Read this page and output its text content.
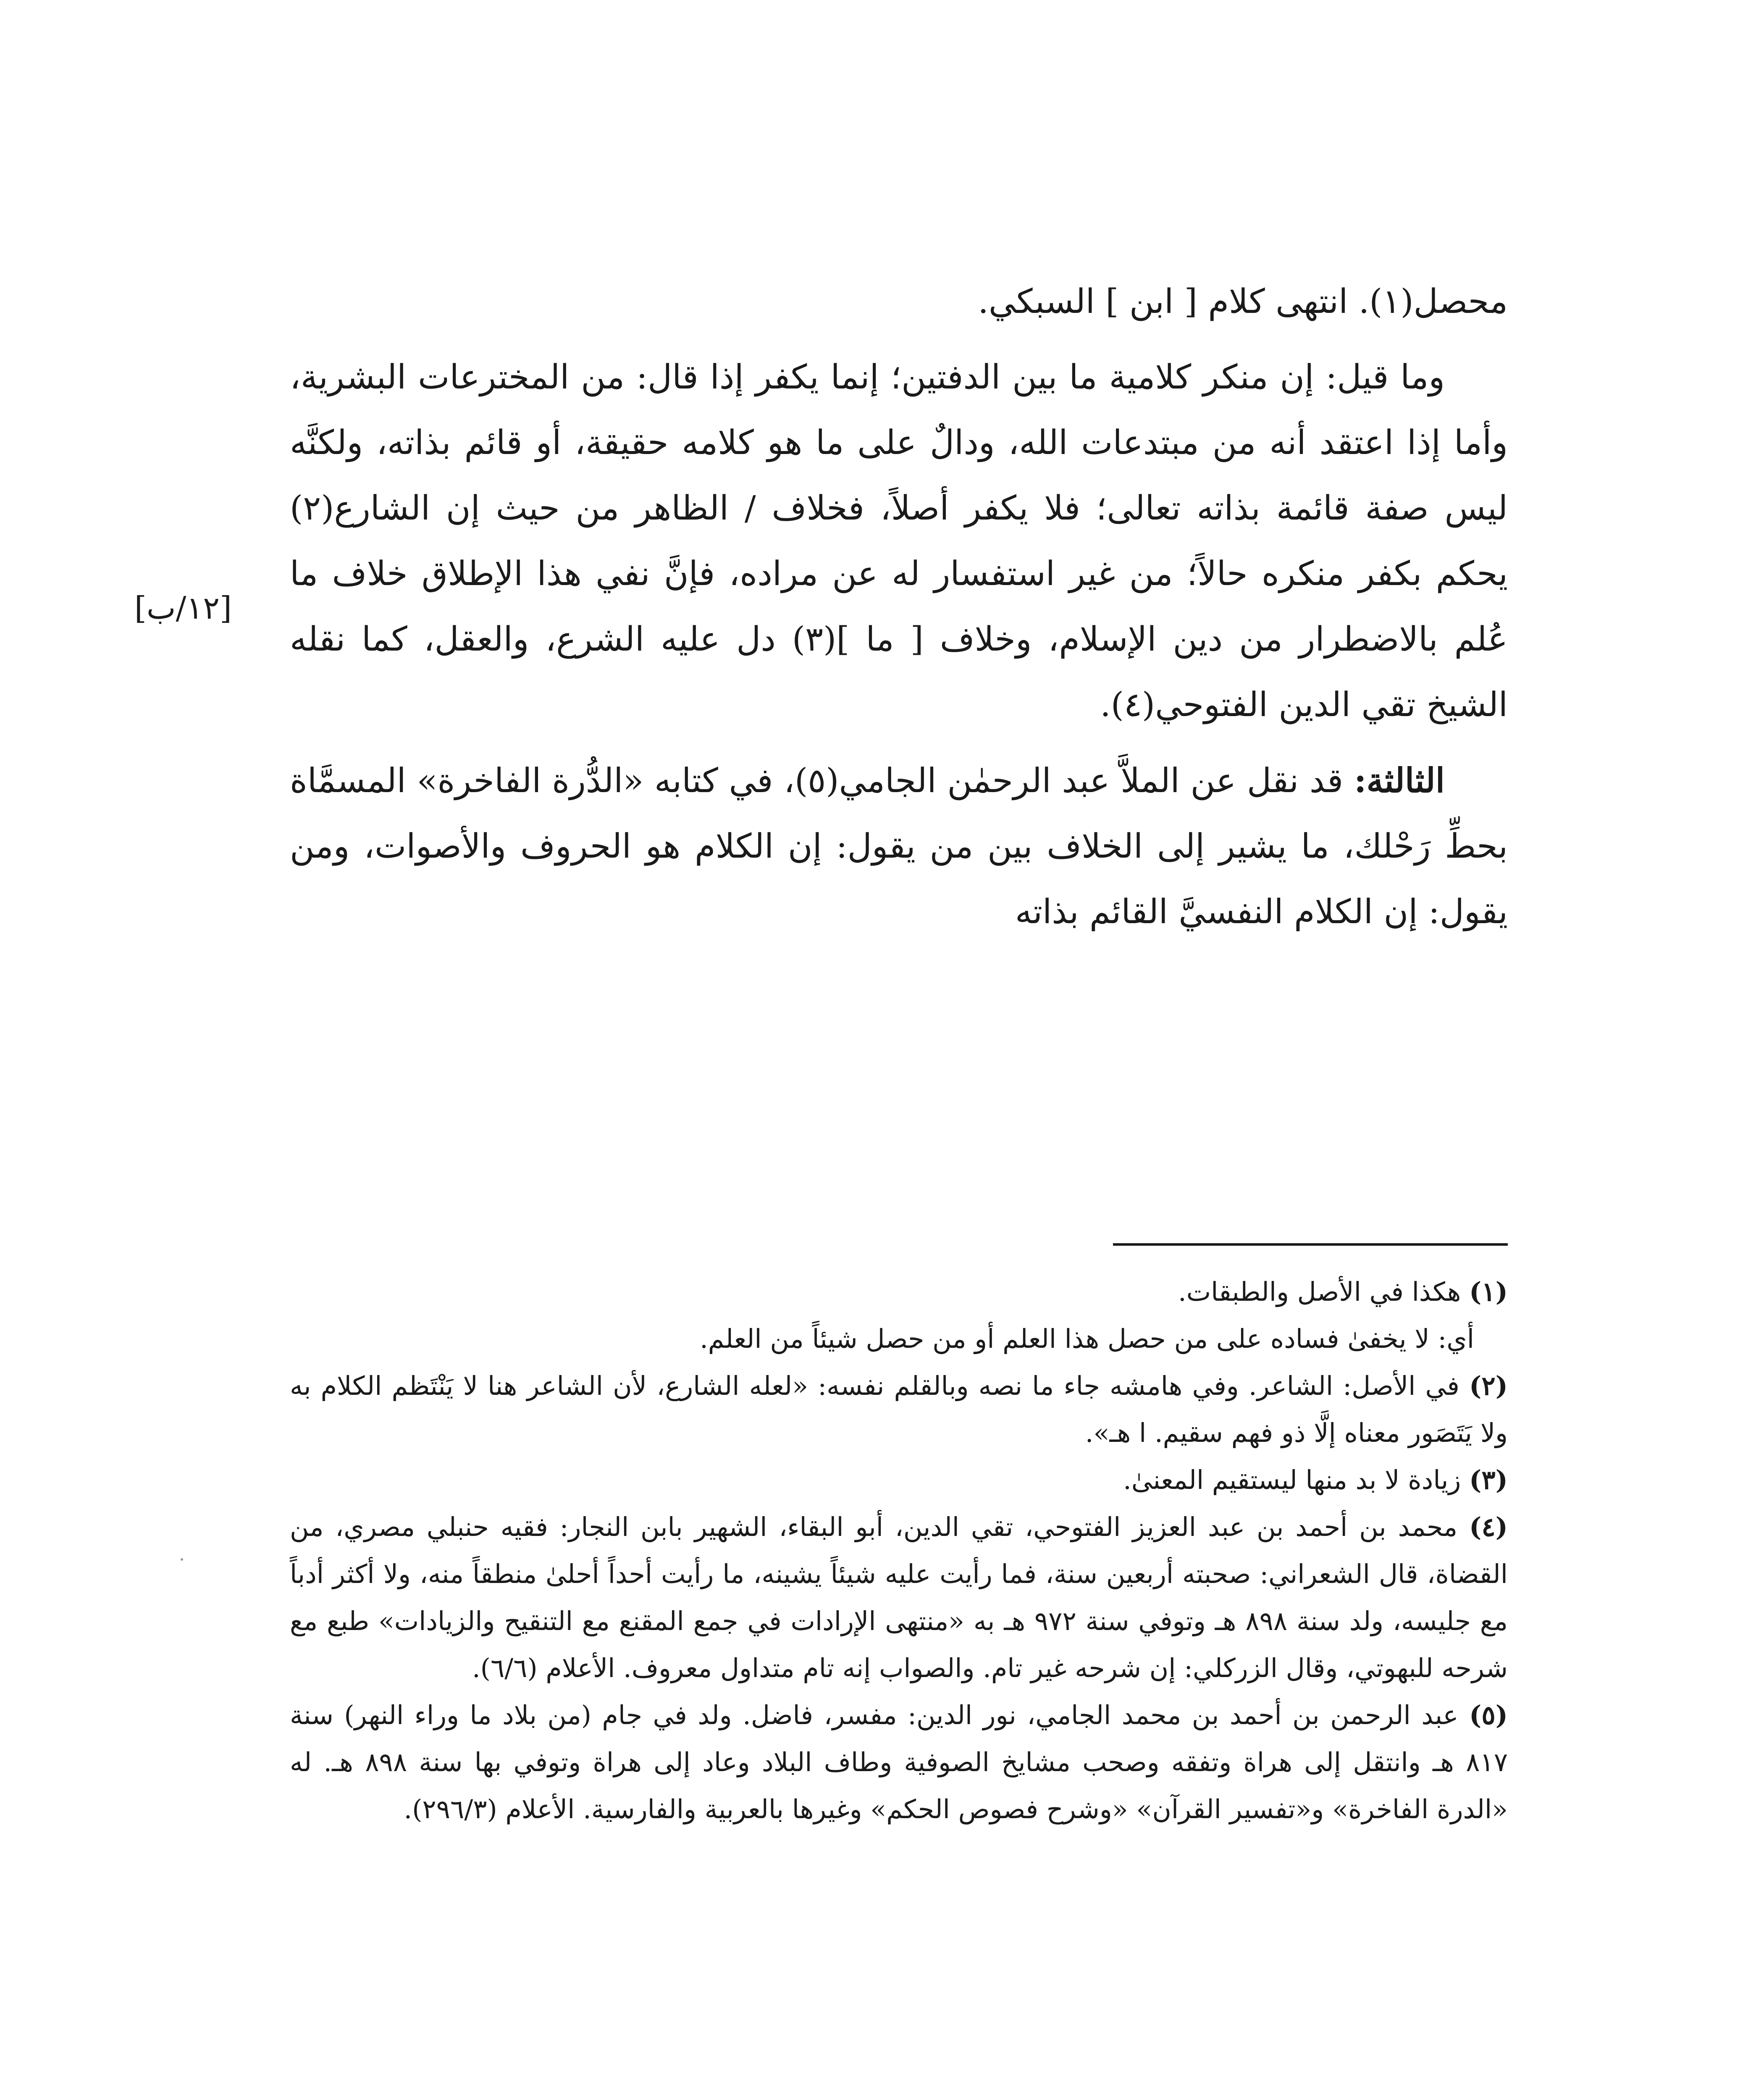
[١٢/ب]

محصل(١). انتهى كلام [ ابن ] السبكي.

وما قيل: إن منكر كلامية ما بين الدفتين؛ إنما يكفر إذا قال: من المخترعات البشرية، وأما إذا اعتقد أنه من مبتدعات الله، ودالٌ على ما هو كلامه حقيقة، أو قائم بذاته، ولكنَّه ليس صفة قائمة بذاته تعالى؛ فلا يكفر أصلاً، فخلاف / الظاهر من حيث إن الشارع(٢) يحكم بكفر منكره حالاً؛ من غير استفسار له عن مراده، فإنَّ نفي هذا الإطلاق خلاف ما عُلم بالاضطرار من دين الإسلام، وخلاف [ ما ](٣) دل عليه الشرع، والعقل، كما نقله الشيخ تقي الدين الفتوحي(٤).

الثالثة: قد نقل عن الملاَّ عبد الرحمٰن الجامي(٥)، في كتابه «الدُّرة الفاخرة» المسمَّاة بحطِّ رَحْلك، ما يشير إلى الخلاف بين من يقول: إن الكلام هو الحروف والأصوات، ومن يقول: إن الكلام النفسيَّ القائم بذاته

(١) هكذا في الأصل والطبقات.
أي: لا يخفىٰ فساده على من حصل هذا العلم أو من حصل شيئاً من العلم.

(٢) في الأصل: الشاعر. وفي هامشه جاء ما نصه وبالقلم نفسه: «لعله الشارع، لأن الشاعر هنا لا يَنْتَظم الكلام به ولا يَتَصَور معناه إلَّا ذو فهم سقيم. ا هـ».

(٣) زيادة لا بد منها ليستقيم المعنىٰ.

(٤) محمد بن أحمد بن عبد العزيز الفتوحي، تقي الدين، أبو البقاء، الشهير بابن النجار: فقيه حنبلي مصري، من القضاة، قال الشعراني: صحبته أربعين سنة، فما رأيت عليه شيئاً يشينه، ما رأيت أحداً أحلىٰ منطقاً منه، ولا أكثر أدباً مع جليسه، ولد سنة ٨٩٨ هـ وتوفي سنة ٩٧٢ هـ به «منتهى الإرادات في جمع المقنع مع التنقيح والزيادات» طبع مع شرحه للبهوتي، وقال الزركلي: إن شرحه غير تام. والصواب إنه تام متداول معروف. الأعلام (٦/٦).

(٥) عبد الرحمن بن أحمد بن محمد الجامي، نور الدين: مفسر، فاضل. ولد في جام (من بلاد ما وراء النهر) سنة ٨١٧ هـ وانتقل إلى هراة وتفقه وصحب مشايخ الصوفية وطاف البلاد وعاد إلى هراة وتوفي بها سنة ٨٩٨ هـ. له «الدرة الفاخرة» و«تفسير القرآن» «وشرح فصوص الحكم» وغيرها بالعربية والفارسية. الأعلام (٢٩٦/٣).
